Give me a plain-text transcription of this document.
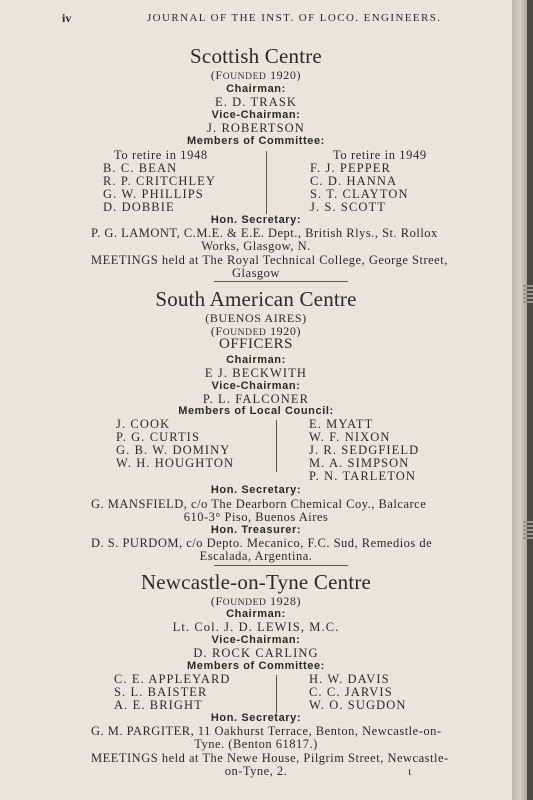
iv	JOURNAL OF THE INST. OF LOCO. ENGINEERS.
Scottish Centre
(FOUNDED 1920)
Chairman:
E. D. TRASK
Vice-Chairman:
J. ROBERTSON
Members of Committee:
To retire in 1948
B. C. BEAN
R. P. CRITCHLEY
G. W. PHILLIPS
D. DOBBIE
To retire in 1949
F. J. PEPPER
C. D. HANNA
S. T. CLAYTON
J. S. SCOTT
Hon. Secretary:
P. G. LAMONT, C.M.E. & E.E. Dept., British Rlys., St. Rollox
Works, Glasgow, N.
MEETINGS held at The Royal Technical College, George Street,
Glasgow
South American Centre
(BUENOS AIRES)
(FOUNDED 1920)
OFFICERS
Chairman:
E J. BECKWITH
Vice-Chairman:
P. L. FALCONER
Members of Local Council:
J. COOK
P. G. CURTIS
G. B. W. DOMINY
W. H. HOUGHTON
E. MYATT
W. F. NIXON
J. R. SEDGFIELD
M. A. SIMPSON
P. N. TARLETON
Hon. Secretary:
G. MANSFIELD, c/o The Dearborn Chemical Coy., Balcarce
610-3° Piso, Buenos Aires
Hon. Treasurer:
D. S. PURDOM, c/o Depto. Mecanico, F.C. Sud, Remedios de
Escalada, Argentina.
Newcastle-on-Tyne Centre
(FOUNDED 1928)
Chairman:
Lt. Col. J. D. LEWIS, M.C.
Vice-Chairman:
D. ROCK CARLING
Members of Committee:
C. E. APPLEYARD
S. L. BAISTER
A. E. BRIGHT
H. W. DAVIS
C. C. JARVIS
W. O. SUGDON
Hon. Secretary:
G. M. PARGITER, 11 Oakhurst Terrace, Benton, Newcastle-on-
Tyne. (Benton 61817.)
MEETINGS held at The Newe House, Pilgrim Street, Newcastle-
on-Tyne, 2.	ι
